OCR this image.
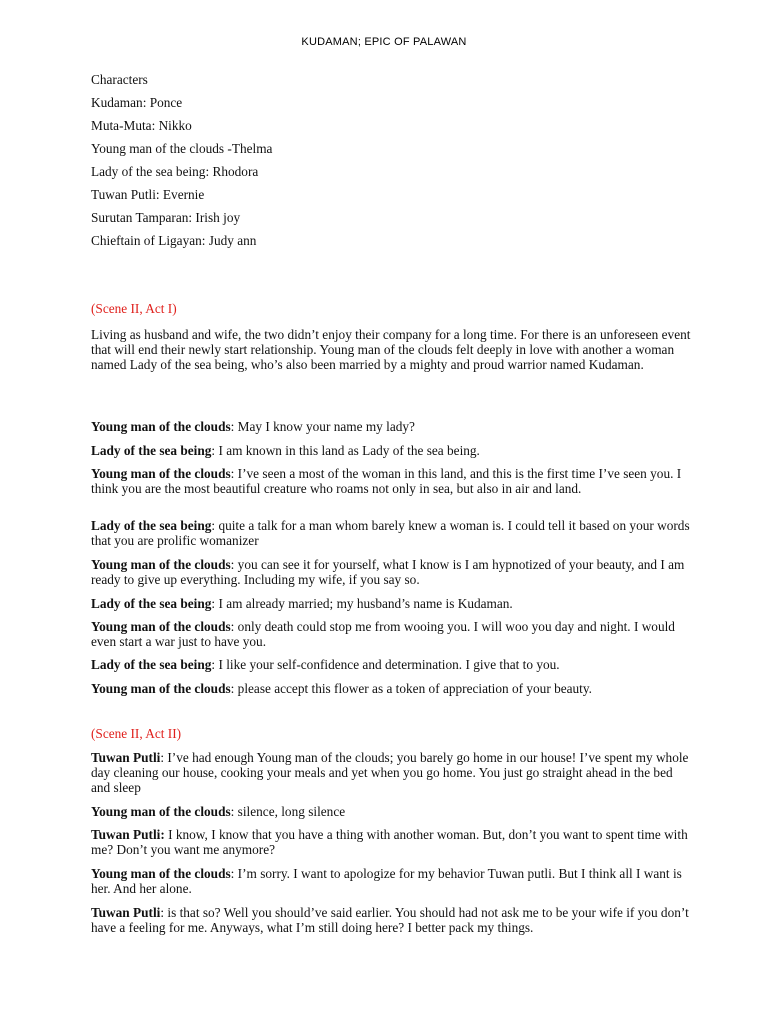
KUDAMAN; EPIC OF PALAWAN
Characters
Kudaman: Ponce
Muta-Muta: Nikko
Young man of the clouds -Thelma
Lady of the sea being: Rhodora
Tuwan Putli: Evernie
Surutan Tamparan: Irish joy
Chieftain of Ligayan: Judy ann
(Scene II, Act I)
Living as husband and wife, the two didn’t enjoy their company for a long time. For there is an unforeseen event that will end their newly start relationship. Young man of the clouds felt deeply in love with another a woman named Lady of the sea being, who’s also been married by a mighty and proud warrior named Kudaman.
Young man of the clouds: May I know your name my lady?
Lady of the sea being: I am known in this land as Lady of the sea being.
Young man of the clouds: I’ve seen a most of the woman in this land, and this is the first time I’ve seen you. I think you are the most beautiful creature who roams not only in sea, but also in air and land.
Lady of the sea being: quite a talk for a man whom barely knew a woman is. I could tell it based on your words that you are prolific womanizer
Young man of the clouds: you can see it for yourself, what I know is I am hypnotized of your beauty, and I am ready to give up everything. Including my wife, if you say so.
Lady of the sea being: I am already married; my husband’s name is Kudaman.
Young man of the clouds: only death could stop me from wooing you. I will woo you day and night. I would even start a war just to have you.
Lady of the sea being: I like your self-confidence and determination. I give that to you.
Young man of the clouds: please accept this flower as a token of appreciation of your beauty.
(Scene II, Act II)
Tuwan Putli: I’ve had enough Young man of the clouds; you barely go home in our house! I’ve spent my whole day cleaning our house, cooking your meals and yet when you go home. You just go straight ahead in the bed and sleep
Young man of the clouds: silence, long silence
Tuwan Putli: I know, I know that you have a thing with another woman. But, don’t you want to spent time with me? Don’t you want me anymore?
Young man of the clouds: I’m sorry. I want to apologize for my behavior Tuwan putli. But I think all I want is her. And her alone.
Tuwan Putli: is that so? Well you should’ve said earlier. You should had not ask me to be your wife if you don’t have a feeling for me. Anyways, what I’m still doing here? I better pack my things.
